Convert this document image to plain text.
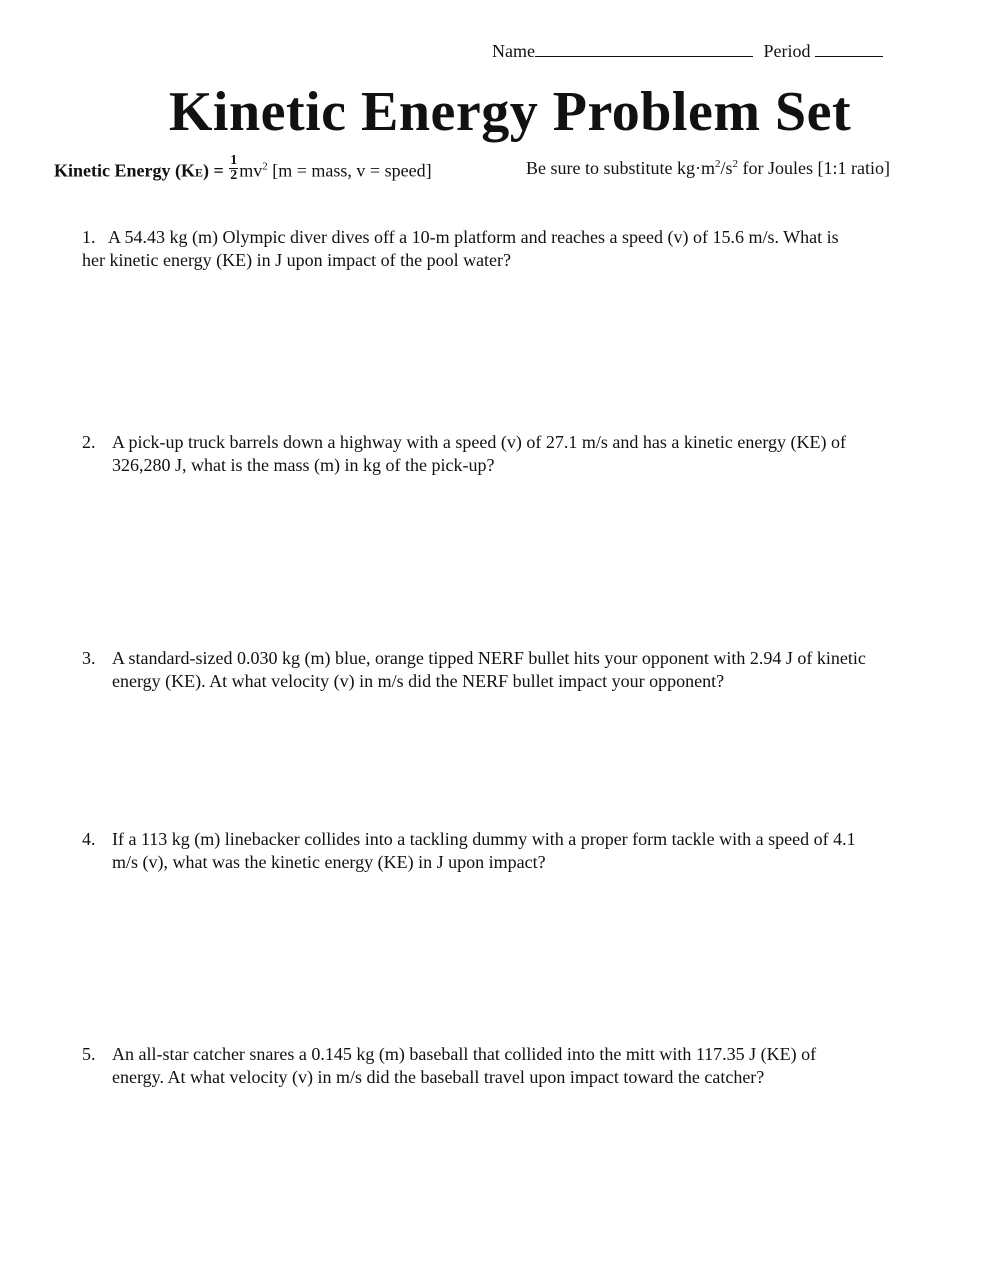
Name	Period
Kinetic Energy Problem Set
Kinetic Energy $(KE) = \frac{1}{2} mv^2$ [m = mass, v = speed]	Be sure to substitute $kg\cdot m^2/s^2$ for Joules [1:1 ratio]
1. A 54.43 kg (m) Olympic diver dives off a 10-m platform and reaches a speed (v) of 15.6 m/s. What is
her kinetic energy (KE) in J upon impact of the pool water?
2. A pick-up truck barrels down a highway with a speed (v) of 27.1 m/s and has a kinetic energy (KE) of
326,280 J, what is the mass (m) in kg of the pick-up?
3. A standard-sized 0.030 kg (m) blue, orange tipped NERF bullet hits your opponent with 2.94 J of kinetic
energy (KE). At what velocity (v) in m/s did the NERF bullet impact your opponent?
4. If a 113 kg (m) linebacker collides into a tackling dummy with a proper form tackle with a speed of 4.1
m/s (v), what was the kinetic energy (KE) in J upon impact?
5. An all-star catcher snares a 0.145 kg (m) baseball that collided into the mitt with 117.35 J (KE) of
energy. At what velocity (v) in m/s did the baseball travel upon impact toward the catcher?
